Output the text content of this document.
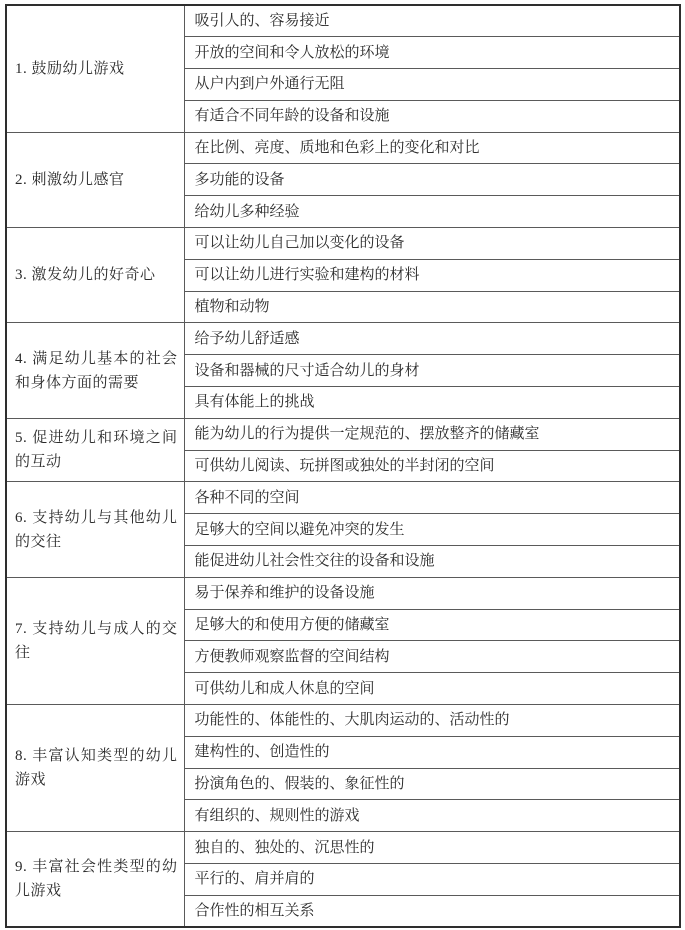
1. 鼓励幼儿游戏	吸引人的、容易接近
	开放的空间和令人放松的环境
	从户内到户外通行无阻
	有适合不同年龄的设备和设施
2. 刺激幼儿感官	在比例、亮度、质地和色彩上的变化和对比
	多功能的设备
	给幼儿多种经验
3. 激发幼儿的好奇心	可以让幼儿自己加以变化的设备
	可以让幼儿进行实验和建构的材料
	植物和动物
4. 满足幼儿基本的社会和身体方面的需要	给予幼儿舒适感
	设备和器械的尺寸适合幼儿的身材
	具有体能上的挑战
5. 促进幼儿和环境之间的互动	能为幼儿的行为提供一定规范的、摆放整齐的储藏室
	可供幼儿阅读、玩拼图或独处的半封闭的空间
6. 支持幼儿与其他幼儿的交往	各种不同的空间
	足够大的空间以避免冲突的发生
	能促进幼儿社会性交往的设备和设施
7. 支持幼儿与成人的交往	易于保养和维护的设备设施
	足够大的和使用方便的储藏室
	方便教师观察监督的空间结构
	可供幼儿和成人休息的空间
8. 丰富认知类型的幼儿游戏	功能性的、体能性的、大肌肉运动的、活动性的
	建构性的、创造性的
	扮演角色的、假装的、象征性的
	有组织的、规则性的游戏
9. 丰富社会性类型的幼儿游戏	独自的、独处的、沉思性的
	平行的、肩并肩的
	合作性的相互关系
